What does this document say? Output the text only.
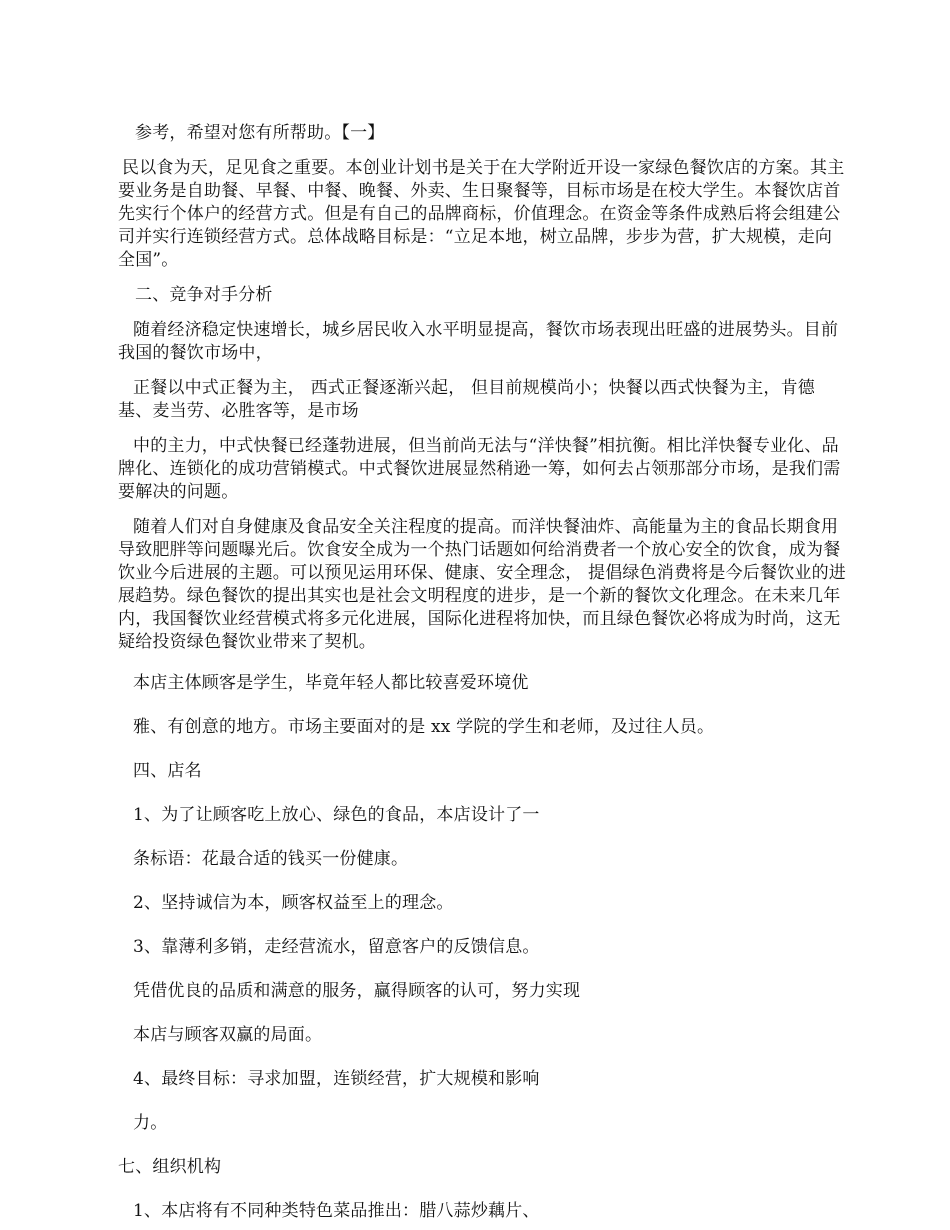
参考，希望对您有所帮助。【一】

民以食为天，足见食之重要。本创业计划书是关于在大学附近开设一家绿色餐饮店的方案。其主要业务是自助餐、早餐、中餐、晚餐、外卖、生日聚餐等，目标市场是在校大学生。本餐饮店首先实行个体户的经营方式。但是有自己的品牌商标，价值理念。在资金等条件成熟后将会组建公司并实行连锁经营方式。总体战略目标是：“立足本地，树立品牌，步步为营，扩大规模，走向全国”。

二、竞争对手分析

随着经济稳定快速增长，城乡居民收入水平明显提高，餐饮市场表现出旺盛的进展势头。目前我国的餐饮市场中，

正餐以中式正餐为主， 西式正餐逐渐兴起， 但目前规模尚小；快餐以西式快餐为主，肯德基、麦当劳、必胜客等，是市场

中的主力，中式快餐已经蓬勃进展，但当前尚无法与“洋快餐”相抗衡。相比洋快餐专业化、品牌化、连锁化的成功营销模式。中式餐饮进展显然稍逊一筹，如何去占领那部分市场，是我们需要解决的问题。

随着人们对自身健康及食品安全关注程度的提高。而洋快餐油炸、高能量为主的食品长期食用导致肥胖等问题曝光后。饮食安全成为一个热门话题如何给消费者一个放心安全的饮食，成为餐饮业今后进展的主题。可以预见运用环保、健康、安全理念， 提倡绿色消费将是今后餐饮业的进展趋势。绿色餐饮的提出其实也是社会文明程度的进步，是一个新的餐饮文化理念。在未来几年内，我国餐饮业经营模式将多元化进展，国际化进程将加快，而且绿色餐饮必将成为时尚，这无疑给投资绿色餐饮业带来了契机。

本店主体顾客是学生，毕竟年轻人都比较喜爱环境优

雅、有创意的地方。市场主要面对的是 xx 学院的学生和老师，及过往人员。

四、店名

1、为了让顾客吃上放心、绿色的食品，本店设计了一

条标语：花最合适的钱买一份健康。

2、坚持诚信为本，顾客权益至上的理念。

3、靠薄利多销，走经营流水，留意客户的反馈信息。

凭借优良的品质和满意的服务，赢得顾客的认可，努力实现

本店与顾客双赢的局面。

4、最终目标：寻求加盟，连锁经营，扩大规模和影响

力。

七、组织机构

1、本店将有不同种类特色菜品推出：腊八蒜炒藕片、
